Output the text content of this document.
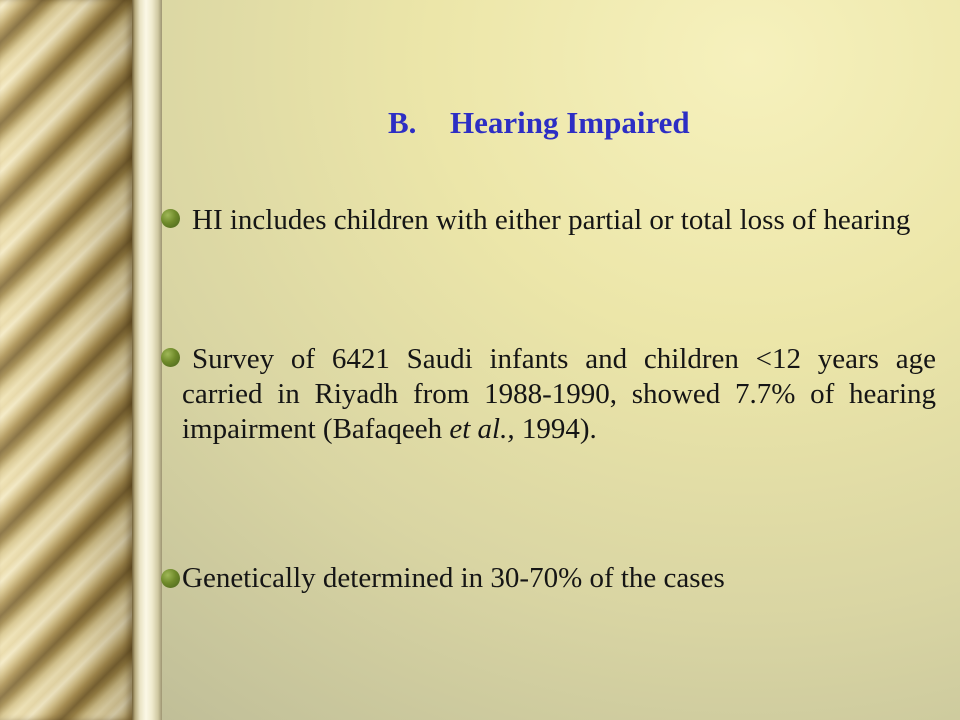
B. Hearing Impaired
HI includes children with either partial or total loss of hearing
Survey of 6421 Saudi infants and children <12 years age carried in Riyadh from 1988-1990, showed 7.7% of hearing impairment (Bafaqeeh et al., 1994).
Genetically determined in 30-70% of the cases
